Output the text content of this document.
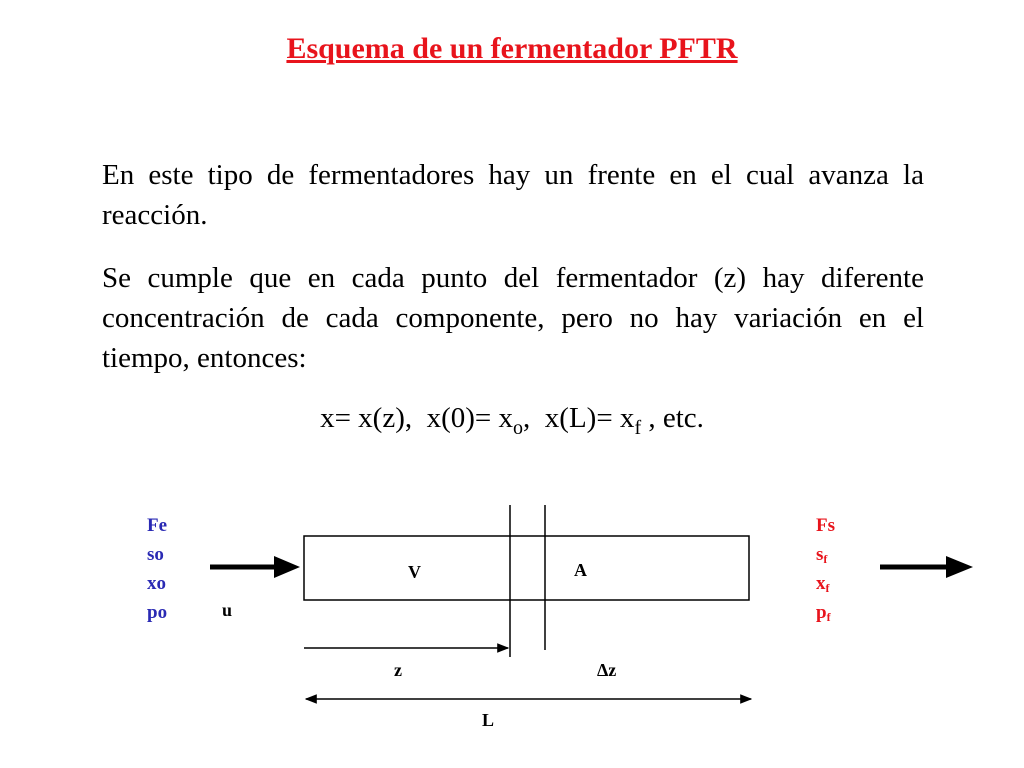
Esquema de un fermentador PFTR

En este tipo de fermentadores hay un frente en el cual avanza la reacción.

Se cumple que en cada punto del fermentador (z) hay diferente concentración de cada componente, pero no hay variación en el tiempo, entonces:

x= x(z),  $x(0)= x_o$,  $x(L)= x_f$ , etc.
Fe
so
xo
po
Fs
$s_f$
$x_f$
$p_f$
u
V	A
z	Δz
L
